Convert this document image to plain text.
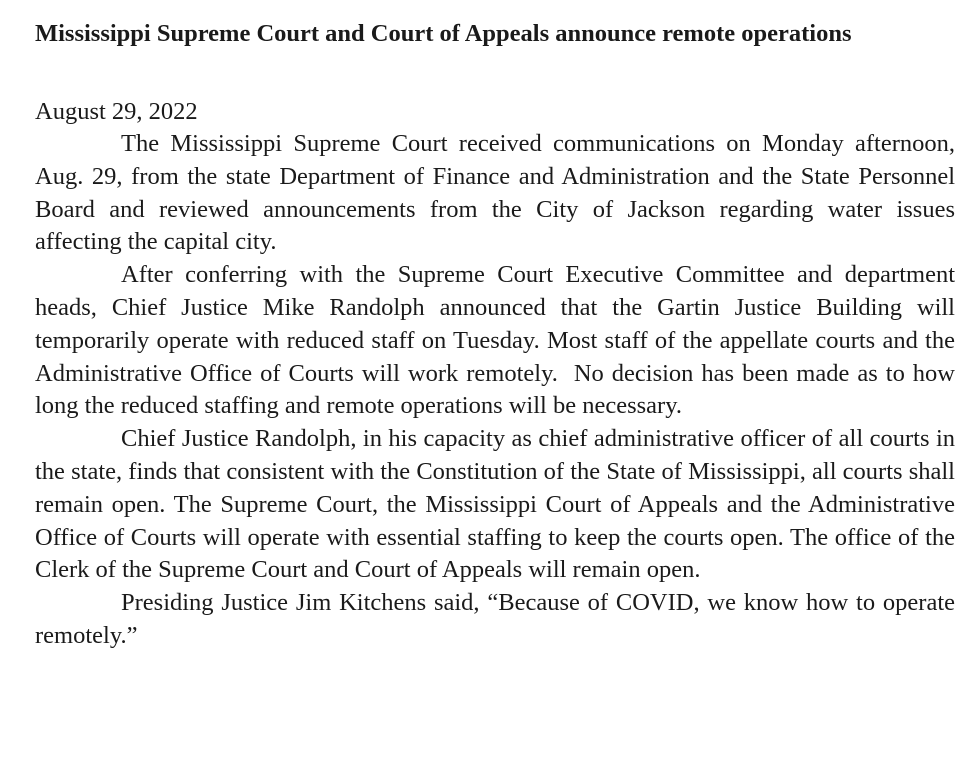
Mississippi Supreme Court and Court of Appeals announce remote operations

August 29, 2022

The Mississippi Supreme Court received communications on Monday afternoon, Aug. 29, from the state Department of Finance and Administration and the State Personnel Board and reviewed announcements from the City of Jackson regarding water issues affecting the capital city.

After conferring with the Supreme Court Executive Committee and department heads, Chief Justice Mike Randolph announced that the Gartin Justice Building will temporarily operate with reduced staff on Tuesday. Most staff of the appellate courts and the Administrative Office of Courts will work remotely.  No decision has been made as to how long the reduced staffing and remote operations will be necessary.

Chief Justice Randolph, in his capacity as chief administrative officer of all courts in the state, finds that consistent with the Constitution of the State of Mississippi, all courts shall remain open. The Supreme Court, the Mississippi Court of Appeals and the Administrative Office of Courts will operate with essential staffing to keep the courts open. The office of the Clerk of the Supreme Court and Court of Appeals will remain open.

Presiding Justice Jim Kitchens said, “Because of COVID, we know how to operate remotely.”
